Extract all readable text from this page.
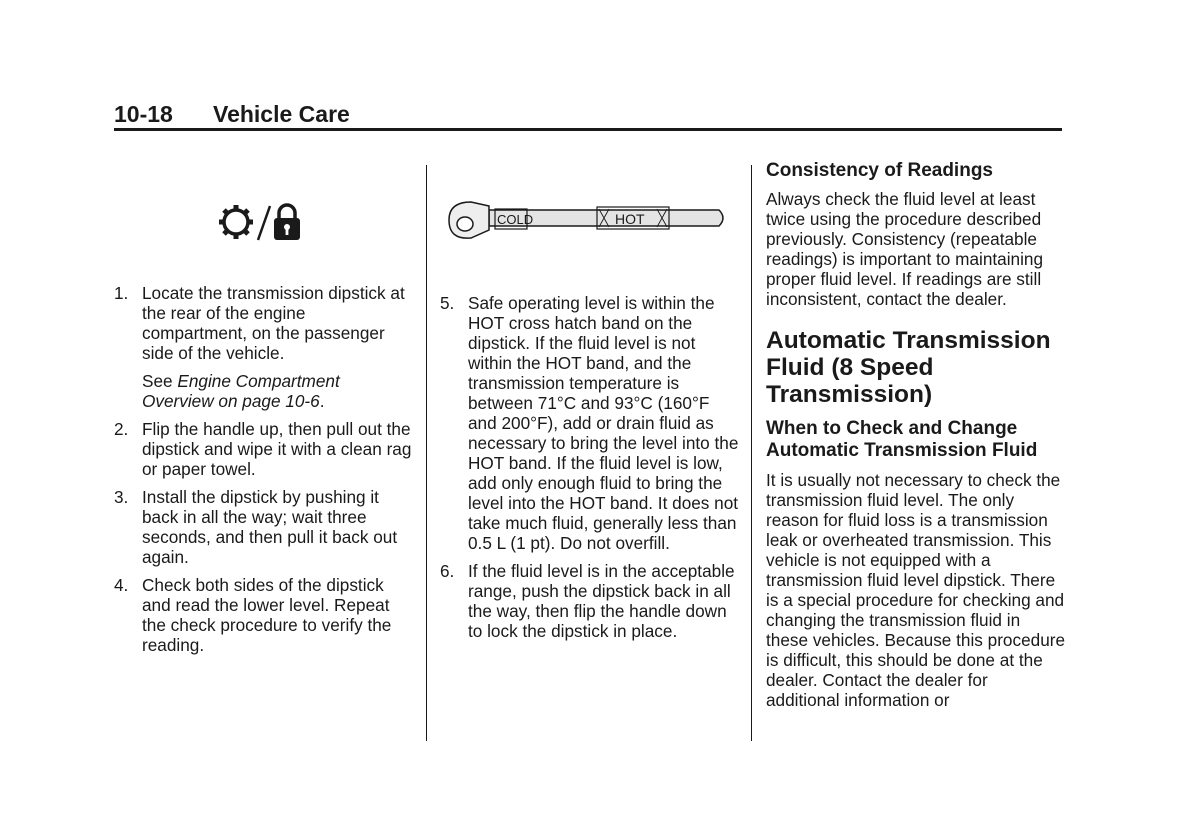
10-18 Vehicle Care
1. Locate the transmission dipstick at the rear of the engine compartment, on the passenger side of the vehicle.

See Engine Compartment Overview on page 10-6.

2. Flip the handle up, then pull out the dipstick and wipe it with a clean rag or paper towel.

3. Install the dipstick by pushing it back in all the way; wait three seconds, and then pull it back out again.

4. Check both sides of the dipstick and read the lower level. Repeat the check procedure to verify the reading.

COLD	HOT
5. Safe operating level is within the HOT cross hatch band on the dipstick. If the fluid level is not within the HOT band, and the transmission temperature is between 71°C and 93°C (160°F and 200°F), add or drain fluid as necessary to bring the level into the HOT band. If the fluid level is low, add only enough fluid to bring the level into the HOT band. It does not take much fluid, generally less than 0.5 L (1 pt). Do not overfill.

6. If the fluid level is in the acceptable range, push the dipstick back in all the way, then flip the handle down to lock the dipstick in place.

Consistency of Readings

Always check the fluid level at least twice using the procedure described previously. Consistency (repeatable readings) is important to maintaining proper fluid level. If readings are still inconsistent, contact the dealer.

Automatic Transmission Fluid (8 Speed Transmission)
When to Check and Change Automatic Transmission Fluid

It is usually not necessary to check the transmission fluid level. The only reason for fluid loss is a transmission leak or overheated transmission. This vehicle is not equipped with a transmission fluid level dipstick. There is a special procedure for checking and changing the transmission fluid in these vehicles. Because this procedure is difficult, this should be done at the dealer. Contact the dealer for additional information or
